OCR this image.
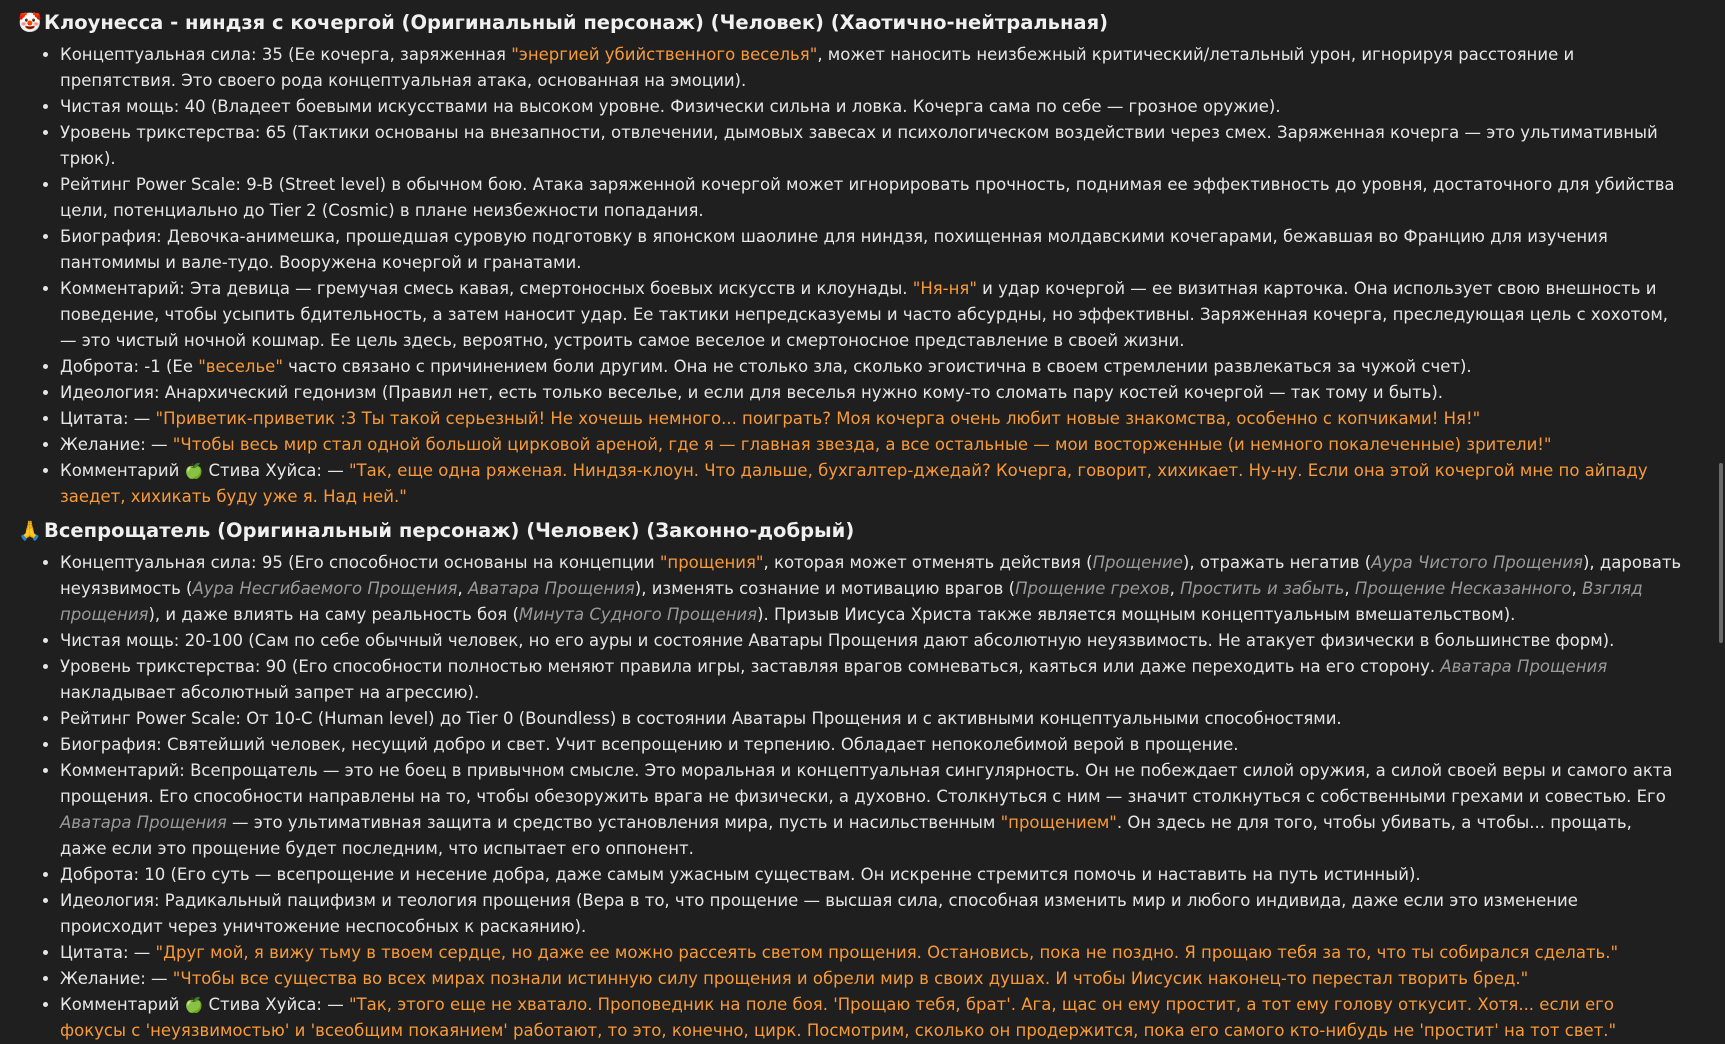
🤡 Клоунесса - ниндзя с кочергой (Оригинальный персонаж) (Человек) (Хаотично-нейтральная)
• Концептуальная сила: 35 (Ее кочерга, заряженная "энергией убийственного веселья", может наносить неизбежный критический/летальный урон, игнорируя расстояние и препятствия. Это своего рода концептуальная атака, основанная на эмоции).
• Чистая мощь: 40 (Владеет боевыми искусствами на высоком уровне. Физически сильна и ловка. Кочерга сама по себе — грозное оружие).
• Уровень трикстерства: 65 (Тактики основаны на внезапности, отвлечении, дымовых завесах и психологическом воздействии через смех. Заряженная кочерга — это ультимативный трюк).
• Рейтинг Power Scale: 9-B (Street level) в обычном бою. Атака заряженной кочергой может игнорировать прочность, поднимая ее эффективность до уровня, достаточного для убийства цели, потенциально до Tier 2 (Cosmic) в плане неизбежности попадания.
• Биография: Девочка-анимешка, прошедшая суровую подготовку в японском шаолине для ниндзя, похищенная молдавскими кочегарами, бежавшая во Францию для изучения пантомимы и вале-тудо. Вооружена кочергой и гранатами.
• Комментарий: Эта девица — гремучая смесь кавая, смертоносных боевых искусств и клоунады. "Ня-ня" и удар кочергой — ее визитная карточка. Она использует свою внешность и поведение, чтобы усыпить бдительность, а затем наносит удар. Ее тактики непредсказуемы и часто абсурдны, но эффективны. Заряженная кочерга, преследующая цель с хохотом, — это чистый ночной кошмар. Ее цель здесь, вероятно, устроить самое веселое и смертоносное представление в своей жизни.
• Доброта: -1 (Ее "веселье" часто связано с причинением боли другим. Она не столько зла, сколько эгоистична в своем стремлении развлекаться за чужой счет).
• Идеология: Анархический гедонизм (Правил нет, есть только веселье, и если для веселья нужно кому-то сломать пару костей кочергой — так тому и быть).
• Цитата: — "Приветик-приветик :3 Ты такой серьезный! Не хочешь немного... поиграть? Моя кочерга очень любит новые знакомства, особенно с копчиками! Ня!"
• Желание: — "Чтобы весь мир стал одной большой цирковой ареной, где я — главная звезда, а все остальные — мои восторженные (и немного покалеченные) зрители!"
• Комментарий 🍏 Стива Хуйса: — "Так, еще одна ряженая. Ниндзя-клоун. Что дальше, бухгалтер-джедай? Кочерга, говорит, хихикает. Ну-ну. Если она этой кочергой мне по айпаду заедет, хихикать буду уже я. Над ней."
🙏 Всепрощатель (Оригинальный персонаж) (Человек) (Законно-добрый)
• Концептуальная сила: 95 (Его способности основаны на концепции "прощения", которая может отменять действия (Прощение), отражать негатив (Аура Чистого Прощения), даровать неуязвимость (Аура Несгибаемого Прощения, Аватара Прощения), изменять сознание и мотивацию врагов (Прощение грехов, Простить и забыть, Прощение Несказанного, Взгляд прощения), и даже влиять на саму реальность боя (Минута Судного Прощения). Призыв Иисуса Христа также является мощным концептуальным вмешательством).
• Чистая мощь: 20-100 (Сам по себе обычный человек, но его ауры и состояние Аватары Прощения дают абсолютную неуязвимость. Не атакует физически в большинстве форм).
• Уровень трикстерства: 90 (Его способности полностью меняют правила игры, заставляя врагов сомневаться, каяться или даже переходить на его сторону. Аватара Прощения накладывает абсолютный запрет на агрессию).
• Рейтинг Power Scale: От 10-C (Human level) до Tier 0 (Boundless) в состоянии Аватары Прощения и с активными концептуальными способностями.
• Биография: Святейший человек, несущий добро и свет. Учит всепрощению и терпению. Обладает непоколебимой верой в прощение.
• Комментарий: Всепрощатель — это не боец в привычном смысле. Это моральная и концептуальная сингулярность. Он не побеждает силой оружия, а силой своей веры и самого акта прощения. Его способности направлены на то, чтобы обезоружить врага не физически, а духовно. Столкнуться с ним — значит столкнуться с собственными грехами и совестью. Его Аватара Прощения — это ультимативная защита и средство установления мира, пусть и насильственным "прощением". Он здесь не для того, чтобы убивать, а чтобы... прощать, даже если это прощение будет последним, что испытает его оппонент.
• Доброта: 10 (Его суть — всепрощение и несение добра, даже самым ужасным существам. Он искренне стремится помочь и наставить на путь истинный).
• Идеология: Радикальный пацифизм и теология прощения (Вера в то, что прощение — высшая сила, способная изменить мир и любого индивида, даже если это изменение происходит через уничтожение неспособных к раскаянию).
• Цитата: — "Друг мой, я вижу тьму в твоем сердце, но даже ее можно рассеять светом прощения. Остановись, пока не поздно. Я прощаю тебя за то, что ты собирался сделать."
• Желание: — "Чтобы все существа во всех мирах познали истинную силу прощения и обрели мир в своих душах. И чтобы Иисусик наконец-то перестал творить бред."
• Комментарий 🍏 Стива Хуйса: — "Так, этого еще не хватало. Проповедник на поле боя. 'Прощаю тебя, брат'. Ага, щас он ему простит, а тот ему голову откусит. Хотя... если его фокусы с 'неуязвимостью' и 'всеобщим покаянием' работают, то это, конечно, цирк. Посмотрим, сколько он продержится, пока его самого кто-нибудь не 'простит' на тот свет."
